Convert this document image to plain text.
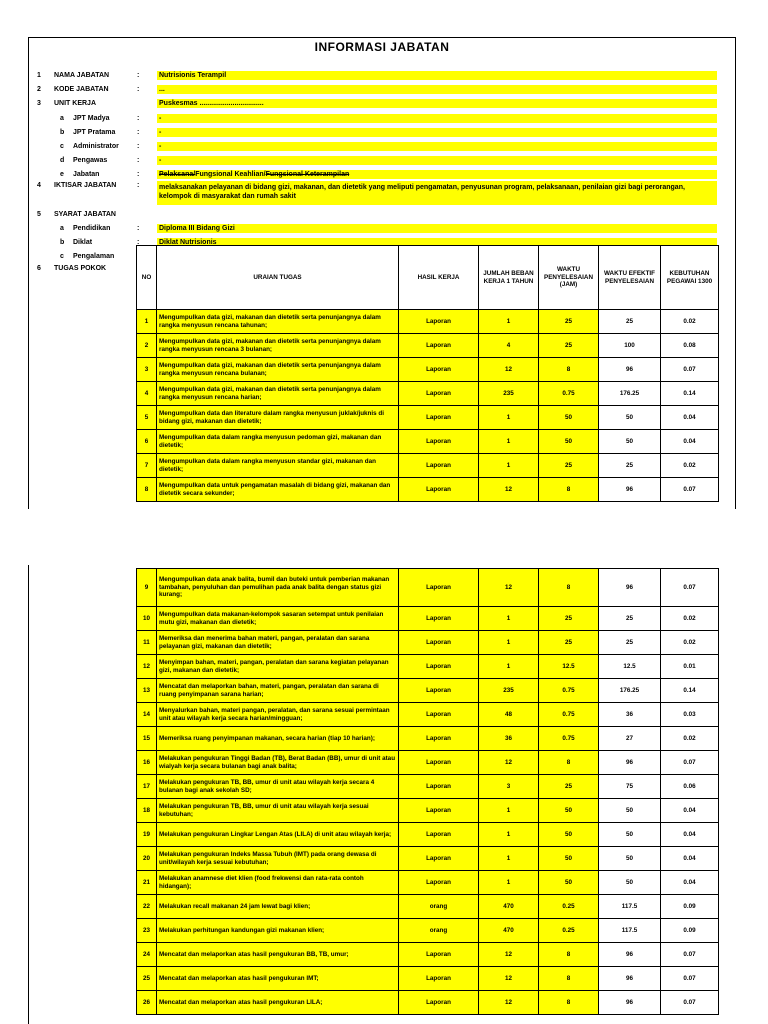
INFORMASI JABATAN
1	NAMA JABATAN	:	Nutrisionis Terampil
2	KODE JABATAN	:	...
3	UNIT KERJA	Puskesmas .................................
a JPT Madya	:	-
b JPT Pratama	:	-
c Administrator	:	-
d Pengawas	:	-
e Jabatan	:	Pelaksana/Fungsional Keahlian/Fungsional Keterampilan
4	IKTISAR JABATAN	:	melaksanakan pelayanan di bidang gizi, makanan, dan dietetik yang meliputi pengamatan, penyusunan program, pelaksanaan, penilaian gizi bagi perorangan, kelompok di masyarakat dan rumah sakit
5	SYARAT JABATAN
a Pendidikan	:	Diploma III Bidang Gizi
b Diklat	:	Diklat Nutrisionis
c Pengalaman
6	TUGAS POKOK
NO	URAIAN TUGAS	HASIL KERJA	JUMLAH BEBAN KERJA 1 TAHUN	WAKTU PENYELESAIAN (JAM)	WAKTU EFEKTIF PENYELESAIAN	KEBUTUHAN PEGAWAI 1300
1	Mengumpulkan data gizi, makanan dan dietetik serta penunjangnya dalam rangka menyusun rencana tahunan;	Laporan	1	25	25	0.02
2	Mengumpulkan data gizi, makanan dan dietetik serta penunjangnya dalam rangka menyusun rencana 3 bulanan;	Laporan	4	25	100	0.08
3	Mengumpulkan data gizi, makanan dan dietetik serta penunjangnya dalam rangka menyusun rencana bulanan;	Laporan	12	8	96	0.07
4	Mengumpulkan data gizi, makanan dan dietetik serta penunjangnya dalam rangka menyusun rencana harian;	Laporan	235	0.75	176.25	0.14
5	Mengumpulkan data dan literature dalam rangka menyusun juklak/juknis di bidang gizi, makanan dan dietetik;	Laporan	1	50	50	0.04
6	Mengumpulkan data dalam rangka menyusun pedoman gizi, makanan dan dietetik;	Laporan	1	50	50	0.04
7	Mengumpulkan data dalam rangka menyusun standar gizi, makanan dan dietetik;	Laporan	1	25	25	0.02
8	Mengumpulkan data untuk pengamatan masalah di bidang gizi, makanan dan dietetik secara sekunder;	Laporan	12	8	96	0.07
9	Mengumpulkan data anak balita, bumil dan buteki untuk pemberian makanan tambahan, penyuluhan dan pemulihan pada anak balita dengan status gizi kurang;	Laporan	12	8	96	0.07
10	Mengumpulkan data makanan-kelompok sasaran setempat untuk penilaian mutu gizi, makanan dan dietetik;	Laporan	1	25	25	0.02
11	Memeriksa dan menerima bahan materi, pangan, peralatan dan sarana pelayanan gizi, makanan dan dietetik;	Laporan	1	25	25	0.02
12	Menyimpan bahan, materi, pangan, peralatan dan sarana kegiatan pelayanan gizi, makanan dan dietetik;	Laporan	1	12.5	12.5	0.01
13	Mencatat dan melaporkan bahan, materi, pangan, peralatan dan sarana di ruang penyimpanan sarana harian;	Laporan	235	0.75	176.25	0.14
14	Menyalurkan bahan, materi pangan, peralatan, dan sarana sesuai permintaan unit atau wilayah kerja secara harian/mingguan;	Laporan	48	0.75	36	0.03
15	Memeriksa ruang penyimpanan makanan, secara harian (tiap 10 harian);	Laporan	36	0.75	27	0.02
16	Melakukan pengukuran Tinggi Badan (TB), Berat Badan (BB), umur di unit atau wialyah kerja secara bulanan bagi anak balita;	Laporan	12	8	96	0.07
17	Melakukan pengukuran TB, BB, umur di unit atau wilayah kerja secara 4 bulanan bagi anak sekolah SD;	Laporan	3	25	75	0.06
18	Melakukan pengukuran TB, BB, umur di unit atau wilayah kerja sesuai kebutuhan;	Laporan	1	50	50	0.04
19	Melakukan pengukuran Lingkar Lengan Atas (LILA) di unit atau wilayah kerja;	Laporan	1	50	50	0.04
20	Melakukan pengukuran Indeks Massa Tubuh (IMT) pada orang dewasa di unit/wilayah kerja sesuai kebutuhan;	Laporan	1	50	50	0.04
21	Melakukan anamnese diet klien (food frekwensi dan rata-rata contoh hidangan);	Laporan	1	50	50	0.04
22	Melakukan recall makanan 24 jam lewat bagi klien;	orang	470	0.25	117.5	0.09
23	Melakukan perhitungan kandungan gizi makanan klien;	orang	470	0.25	117.5	0.09
24	Mencatat dan melaporkan atas hasil pengukuran BB, TB, umur;	Laporan	12	8	96	0.07
25	Mencatat dan melaporkan atas hasil pengukuran IMT;	Laporan	12	8	96	0.07
26	Mencatat dan melaporkan atas hasil pengukuran LILA;	Laporan	12	8	96	0.07
